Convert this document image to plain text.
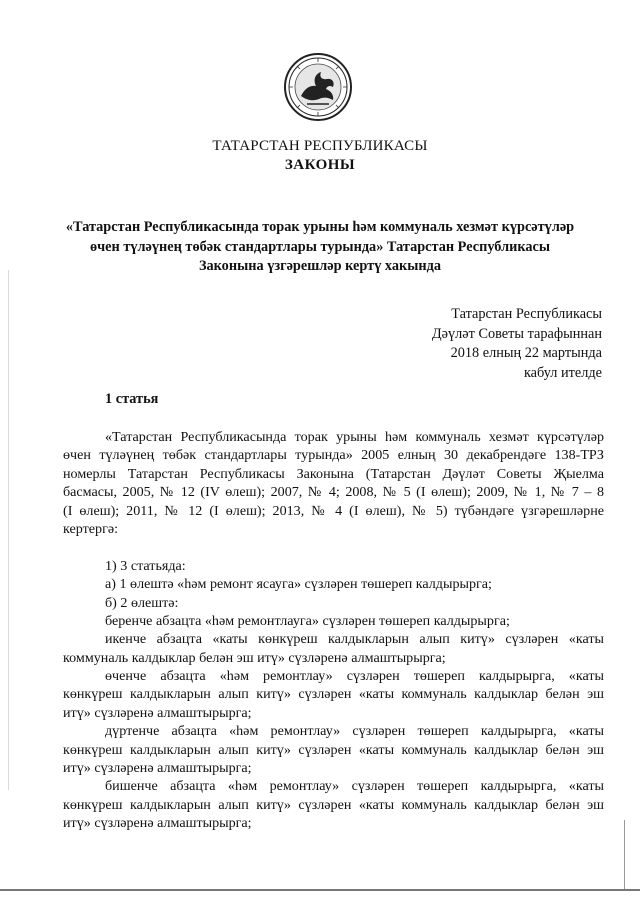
ТАТАРСТАН РЕСПУБЛИКАСЫ
ЗАКОНЫ
«Татарстан Республикасында торак урыны һәм коммуналь хезмәт күрсәтүләр
өчен түләүнең төбәк стандартлары турында» Татарстан Республикасы
Законына үзгәрешләр кертү хакында
Татарстан Республикасы
Дәүләт Советы тарафыннан
2018 елның 22 мартында
кабул ителде
1 статья
«Татарстан Республикасында торак урыны һәм коммуналь хезмәт күрсәтүләр
өчен түләүнең төбәк стандартлары турында» 2005 елның 30 декабрендәге 138-ТРЗ
номерлы Татарстан Республикасы Законына (Татарстан Дәүләт Советы Җыелма
басмасы, 2005, № 12 (IV өлеш); 2007, № 4; 2008, № 5 (I өлеш); 2009, № 1, № 7 – 8
(I өлеш); 2011, № 12 (I өлеш); 2013, № 4 (I өлеш), № 5) түбәндәге үзгәрешләрне
кертергә:
1) 3 статьяда:
а) 1 өлештә «һәм ремонт ясауга» сүзләрен төшереп калдырырга;
б) 2 өлештә:
беренче абзацта «һәм ремонтлауга» сүзләрен төшереп калдырырга;
икенче абзацта «каты көнкүреш калдыкларын алып китү» сүзләрен «каты
коммуналь калдыклар белән эш итү» сүзләренә алмаштырырга;
өченче абзацта «һәм ремонтлау» сүзләрен төшереп калдырырга, «каты
көнкүреш калдыкларын алып китү» сүзләрен «каты коммуналь калдыклар белән эш
итү» сүзләренә алмаштырырга;
дүртенче абзацта «һәм ремонтлау» сүзләрен төшереп калдырырга, «каты
көнкүреш калдыкларын алып китү» сүзләрен «каты коммуналь калдыклар белән эш
итү» сүзләренә алмаштырырга;
бишенче абзацта «һәм ремонтлау» сүзләрен төшереп калдырырга, «каты
көнкүреш калдыкларын алып китү» сүзләрен «каты коммуналь калдыклар белән эш
итү» сүзләренә алмаштырырга;
